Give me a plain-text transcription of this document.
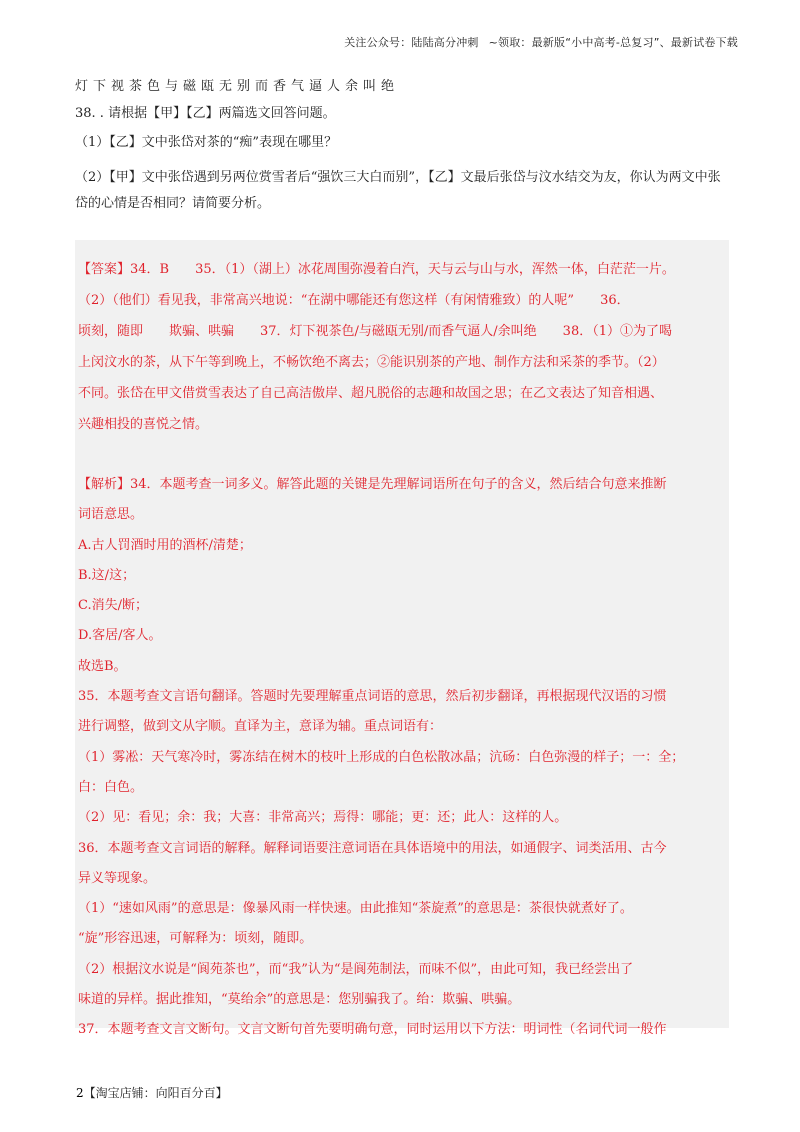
关注公众号：陆陆高分冲刺 ~领取：最新版“小中高考-总复习”、最新试卷下载

灯下视茶色与磁瓯无别而香气逼人余叫绝

38. . 请根据【甲】【乙】两篇选文回答问题。

（1）【乙】文中张岱对茶的“痴”表现在哪里？

（2）【甲】文中张岱遇到另两位赏雪者后“强饮三大白而别”，【乙】文最后张岱与汶水结交为友，你认为两文中张岱的心情是否相同？请简要分析。

【答案】34．B　　35．（1）（湖上）冰花周围弥漫着白汽，天与云与山与水，浑然一体，白茫茫一片。

（2）（他们）看见我，非常高兴地说：“在湖中哪能还有您这样（有闲情雅致）的人呢”　　36．

顷刻，随即　　欺骗、哄骗　　37．灯下视茶色/与磁瓯无别/而香气逼人/余叫绝　　38．（1）①为了喝

上闵汶水的茶，从下午等到晚上，不畅饮绝不离去；②能识别茶的产地、制作方法和采茶的季节。（2）

不同。张岱在甲文借赏雪表达了自己高洁傲岸、超凡脱俗的志趣和故国之思；在乙文表达了知音相遇、

兴趣相投的喜悦之情。

【解析】34．本题考查一词多义。解答此题的关键是先理解词语所在句子的含义，然后结合句意来推断

词语意思。

A.古人罚酒时用的酒杯/清楚；

B.这/这；

C.消失/断；

D.客居/客人。

故选B。

35．本题考查文言语句翻译。答题时先要理解重点词语的意思，然后初步翻译，再根据现代汉语的习惯

进行调整，做到文从字顺。直译为主，意译为辅。重点词语有：

（1）雾凇：天气寒冷时，雾冻结在树木的枝叶上形成的白色松散冰晶；沆砀：白色弥漫的样子；一：全；

白：白色。

（2）见：看见；余：我；大喜：非常高兴；焉得：哪能；更：还；此人：这样的人。

36．本题考查文言词语的解释。解释词语要注意词语在具体语境中的用法，如通假字、词类活用、古今

异义等现象。

（1）“速如风雨”的意思是：像暴风雨一样快速。由此推知“茶旋煮”的意思是：茶很快就煮好了。

“旋”形容迅速，可解释为：顷刻，随即。

（2）根据汶水说是“阆苑茶也”，而“我”认为“是阆苑制法，而味不似”，由此可知，我已经尝出了

味道的异样。据此推知，“莫绐余”的意思是：您别骗我了。绐：欺骗、哄骗。

37．本题考查文言文断句。文言文断句首先要明确句意，同时运用以下方法：明词性（名词代词一般作

2【淘宝店铺：向阳百分百】
